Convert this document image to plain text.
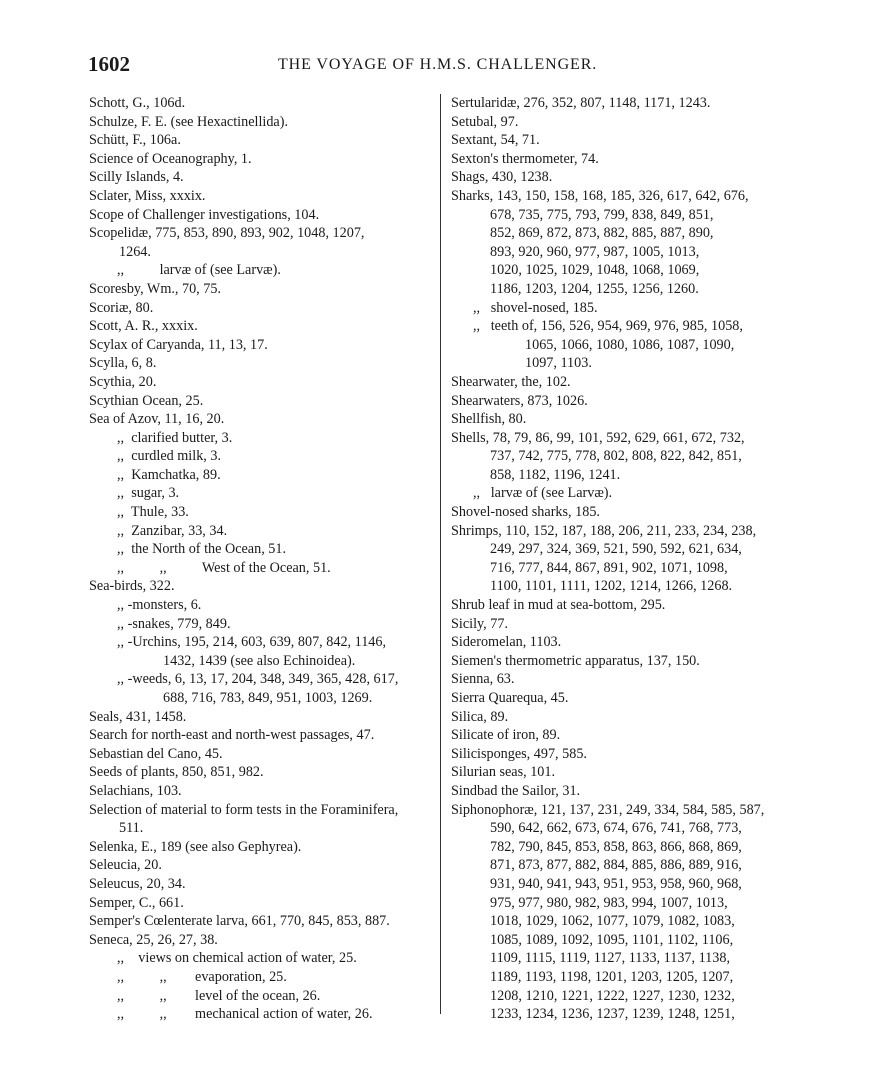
1602	THE VOYAGE OF H.M.S. CHALLENGER.
Schott, G., 106d.
Schulze, F. E. (see Hexactinellida).
Schütt, F., 106a.
Science of Oceanography, 1.
Scilly Islands, 4.
Sclater, Miss, xxxix.
Scope of Challenger investigations, 104.
Scopelidæ, 775, 853, 890, 893, 902, 1048, 1207,
1264.
,,          larvæ of (see Larvæ).
Scoresby, Wm., 70, 75.
Scoriæ, 80.
Scott, A. R., xxxix.
Scylax of Caryanda, 11, 13, 17.
Scylla, 6, 8.
Scythia, 20.
Scythian Ocean, 25.
Sea of Azov, 11, 16, 20.
,,  clarified butter, 3.
,,  curdled milk, 3.
,,  Kamchatka, 89.
,,  sugar, 3.
,,  Thule, 33.
,,  Zanzibar, 33, 34.
,,  the North of the Ocean, 51.
,,          ,,          West of the Ocean, 51.
Sea-birds, 322.
,, -monsters, 6.
,, -snakes, 779, 849.
,, -Urchins, 195, 214, 603, 639, 807, 842, 1146,
1432, 1439 (see also Echinoidea).
,, -weeds, 6, 13, 17, 204, 348, 349, 365, 428, 617,
688, 716, 783, 849, 951, 1003, 1269.
Seals, 431, 1458.
Search for north-east and north-west passages, 47.
Sebastian del Cano, 45.
Seeds of plants, 850, 851, 982.
Selachians, 103.
Selection of material to form tests in the Foraminifera,
511.
Selenka, E., 189 (see also Gephyrea).
Seleucia, 20.
Seleucus, 20, 34.
Semper, C., 661.
Semper's Cœlenterate larva, 661, 770, 845, 853, 887.
Seneca, 25, 26, 27, 38.
,,    views on chemical action of water, 25.
,,          ,,        evaporation, 25.
,,          ,,        level of the ocean, 26.
,,          ,,        mechanical action of water, 26.
Sertularidæ, 276, 352, 807, 1148, 1171, 1243.
Setubal, 97.
Sextant, 54, 71.
Sexton's thermometer, 74.
Shags, 430, 1238.
Sharks, 143, 150, 158, 168, 185, 326, 617, 642, 676,
678, 735, 775, 793, 799, 838, 849, 851,
852, 869, 872, 873, 882, 885, 887, 890,
893, 920, 960, 977, 987, 1005, 1013,
1020, 1025, 1029, 1048, 1068, 1069,
1186, 1203, 1204, 1255, 1256, 1260.
,,   shovel-nosed, 185.
,,   teeth of, 156, 526, 954, 969, 976, 985, 1058,
1065, 1066, 1080, 1086, 1087, 1090,
1097, 1103.
Shearwater, the, 102.
Shearwaters, 873, 1026.
Shellfish, 80.
Shells, 78, 79, 86, 99, 101, 592, 629, 661, 672, 732,
737, 742, 775, 778, 802, 808, 822, 842, 851,
858, 1182, 1196, 1241.
,,   larvæ of (see Larvæ).
Shovel-nosed sharks, 185.
Shrimps, 110, 152, 187, 188, 206, 211, 233, 234, 238,
249, 297, 324, 369, 521, 590, 592, 621, 634,
716, 777, 844, 867, 891, 902, 1071, 1098,
1100, 1101, 1111, 1202, 1214, 1266, 1268.
Shrub leaf in mud at sea-bottom, 295.
Sicily, 77.
Sideromelan, 1103.
Siemen's thermometric apparatus, 137, 150.
Sienna, 63.
Sierra Quarequa, 45.
Silica, 89.
Silicate of iron, 89.
Silicisponges, 497, 585.
Silurian seas, 101.
Sindbad the Sailor, 31.
Siphonophoræ, 121, 137, 231, 249, 334, 584, 585, 587,
590, 642, 662, 673, 674, 676, 741, 768, 773,
782, 790, 845, 853, 858, 863, 866, 868, 869,
871, 873, 877, 882, 884, 885, 886, 889, 916,
931, 940, 941, 943, 951, 953, 958, 960, 968,
975, 977, 980, 982, 983, 994, 1007, 1013,
1018, 1029, 1062, 1077, 1079, 1082, 1083,
1085, 1089, 1092, 1095, 1101, 1102, 1106,
1109, 1115, 1119, 1127, 1133, 1137, 1138,
1189, 1193, 1198, 1201, 1203, 1205, 1207,
1208, 1210, 1221, 1222, 1227, 1230, 1232,
1233, 1234, 1236, 1237, 1239, 1248, 1251,
